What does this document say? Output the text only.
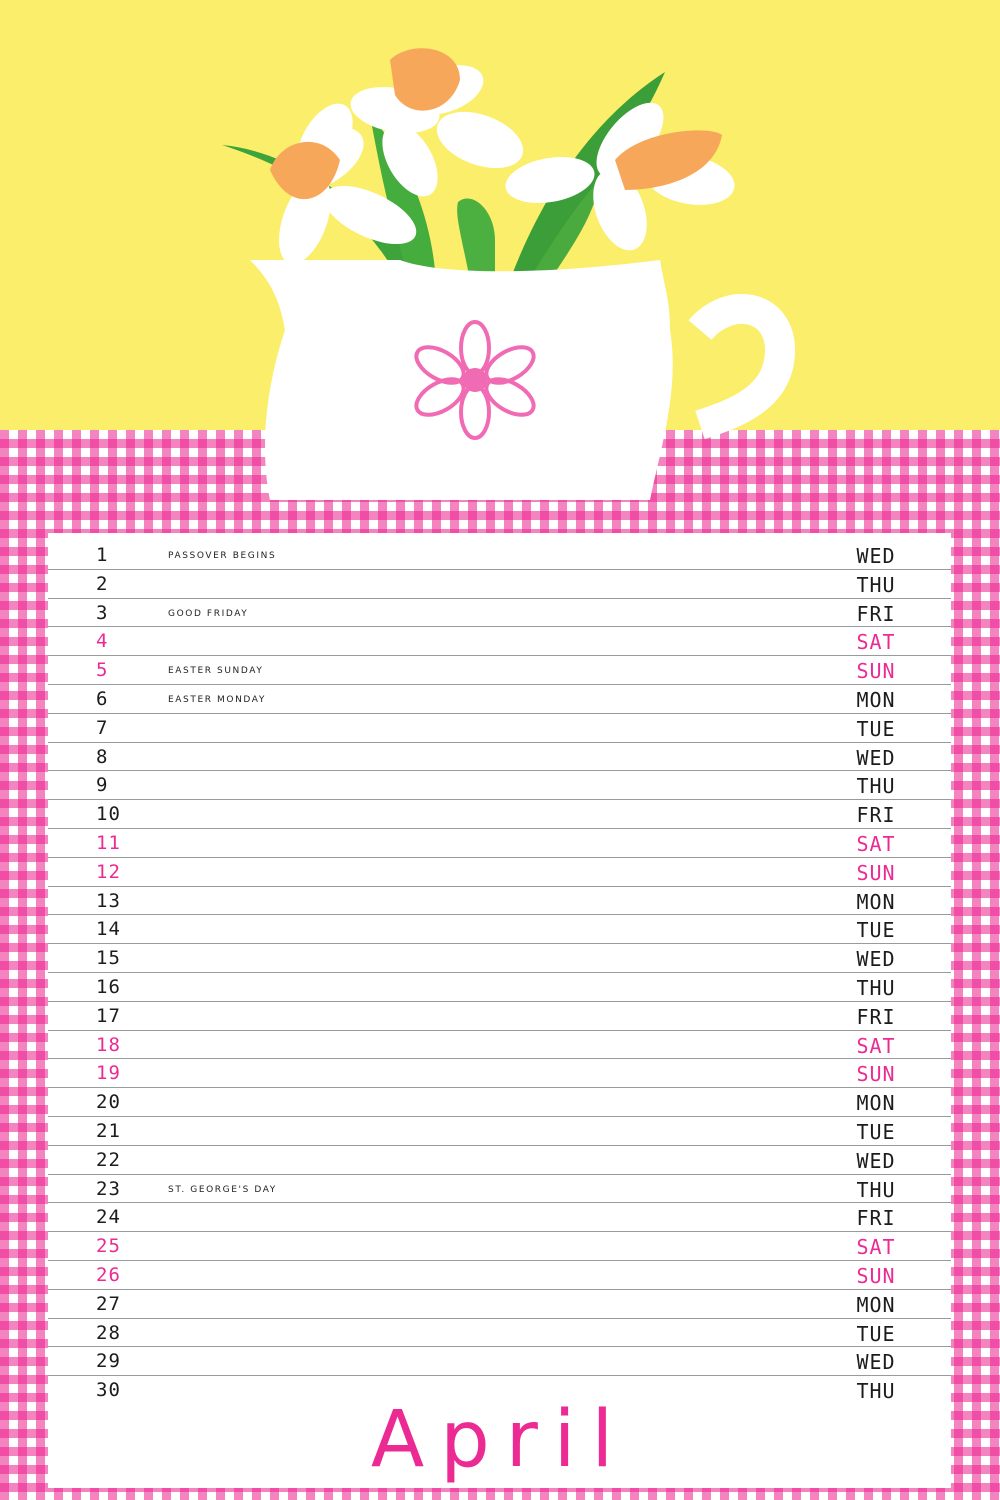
1	PASSOVER BEGINS	WED
2	THU
3	GOOD FRIDAY	FRI
4	SAT
5	EASTER SUNDAY	SUN
6	EASTER MONDAY	MON
7	TUE
8	WED
9	THU
10	FRI
11	SAT
12	SUN
13	MON
14	TUE
15	WED
16	THU
17	FRI
18	SAT
19	SUN
20	MON
21	TUE
22	WED
23	ST. GEORGE'S DAY	THU
24	FRI
25	SAT
26	SUN
27	MON
28	TUE
29	WED
30	THU
April
